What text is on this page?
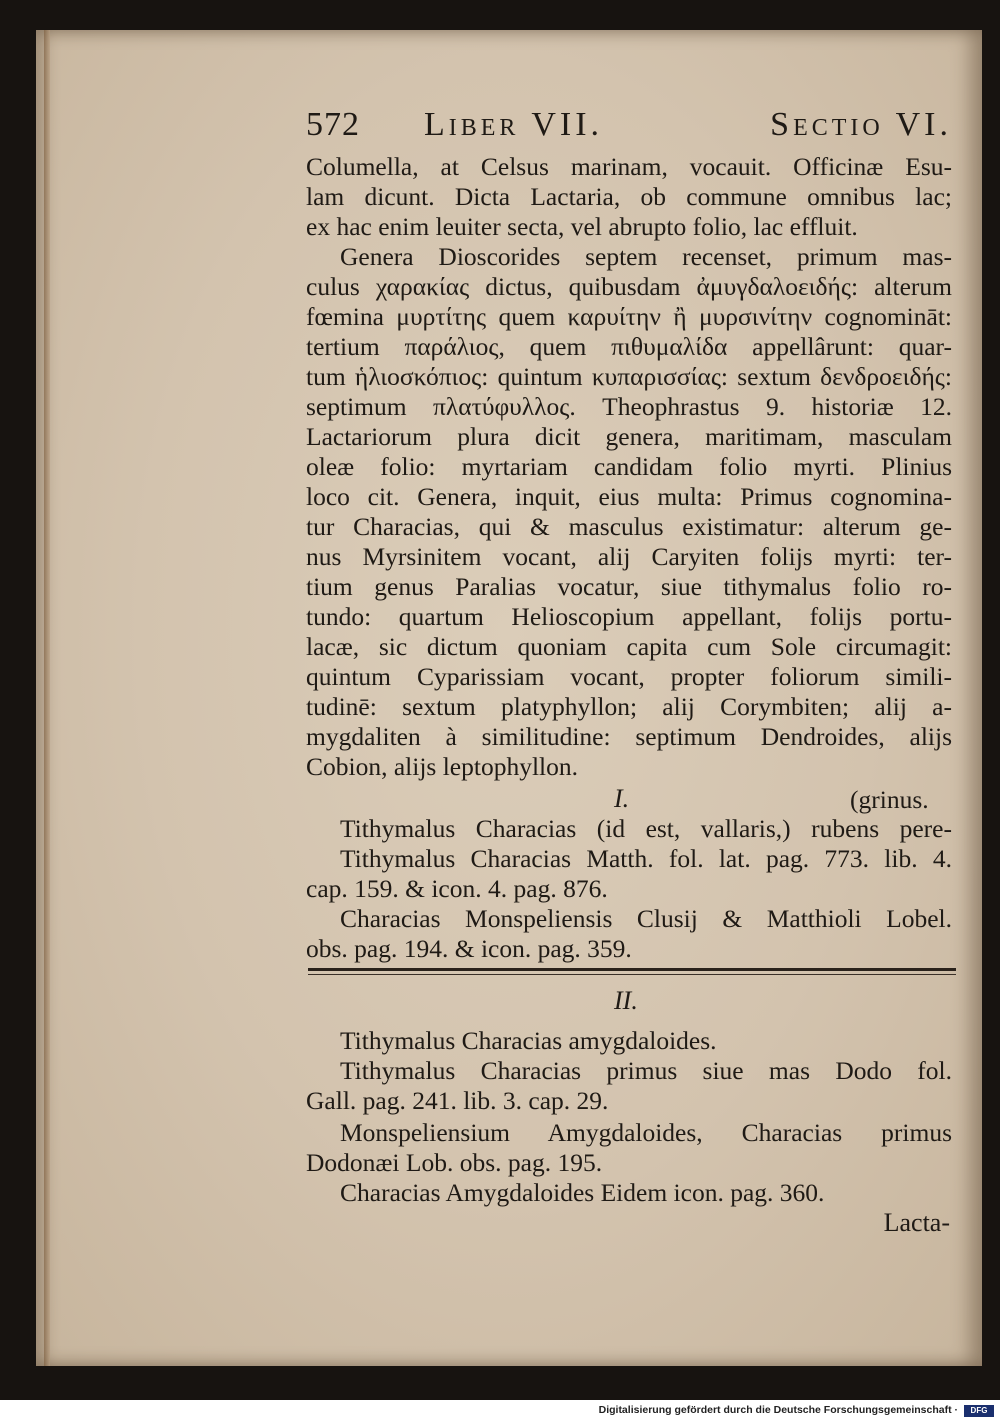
572 Liber VII.	Sectio VI.
Columella, at Celsus marinam, vocauit. Officinæ Esu-
lam dicunt. Dicta Lactaria, ob commune omnibus lac;
ex hac enim leuiter secta, vel abrupto folio, lac effluit.
Genera Dioscorides septem recenset, primum mas-
culus χαρακίας dictus, quibusdam ἀμυγδαλοειδής: alterum
fœmina μυρτίτης quem καρυίτην ἢ μυρσινίτην cognomināt:
tertium παράλιος, quem πιθυμαλίδα appellârunt: quar-
tum ἡλιοσκόπιος: quintum κυπαρισσίας: sextum δενδροειδής:
septimum πλατύφυλλος. Theophrastus 9. historiæ 12.
Lactariorum plura dicit genera, maritimam, masculam
oleæ folio: myrtariam candidam folio myrti. Plinius
loco cit. Genera, inquit, eius multa: Primus cognomina-
tur Characias, qui & masculus existimatur: alterum ge-
nus Myrsinitem vocant, alij Caryiten folijs myrti: ter-
tium genus Paralias vocatur, siue tithymalus folio ro-
tundo: quartum Helioscopium appellant, folijs portu-
lacæ, sic dictum quoniam capita cum Sole circumagit:
quintum Cyparissiam vocant, propter foliorum simili-
tudinē: sextum platyphyllon; alij Corymbiten; alij a-
mygdaliten à similitudine: septimum Dendroides, alijs
Cobion, alijs leptophyllon.
I.	(grinus.
Tithymalus Characias (id est, vallaris,) rubens pere-
Tithymalus Characias Matth. fol. lat. pag. 773. lib. 4.
cap. 159. & icon. 4. pag. 876.
Characias Monspeliensis Clusij & Matthioli Lobel.
obs. pag. 194. & icon. pag. 359.
II.
Tithymalus Characias amygdaloides.
Tithymalus Characias primus siue mas Dodo fol.
Gall. pag. 241. lib. 3. cap. 29.
Monspeliensium Amygdaloides, Characias primus
Dodonæi Lob. obs. pag. 195.
Characias Amygdaloides Eidem icon. pag. 360.
Lacta-
Digitalisierung gefördert durch die Deutsche Forschungsgemeinschaft ·	DFG
